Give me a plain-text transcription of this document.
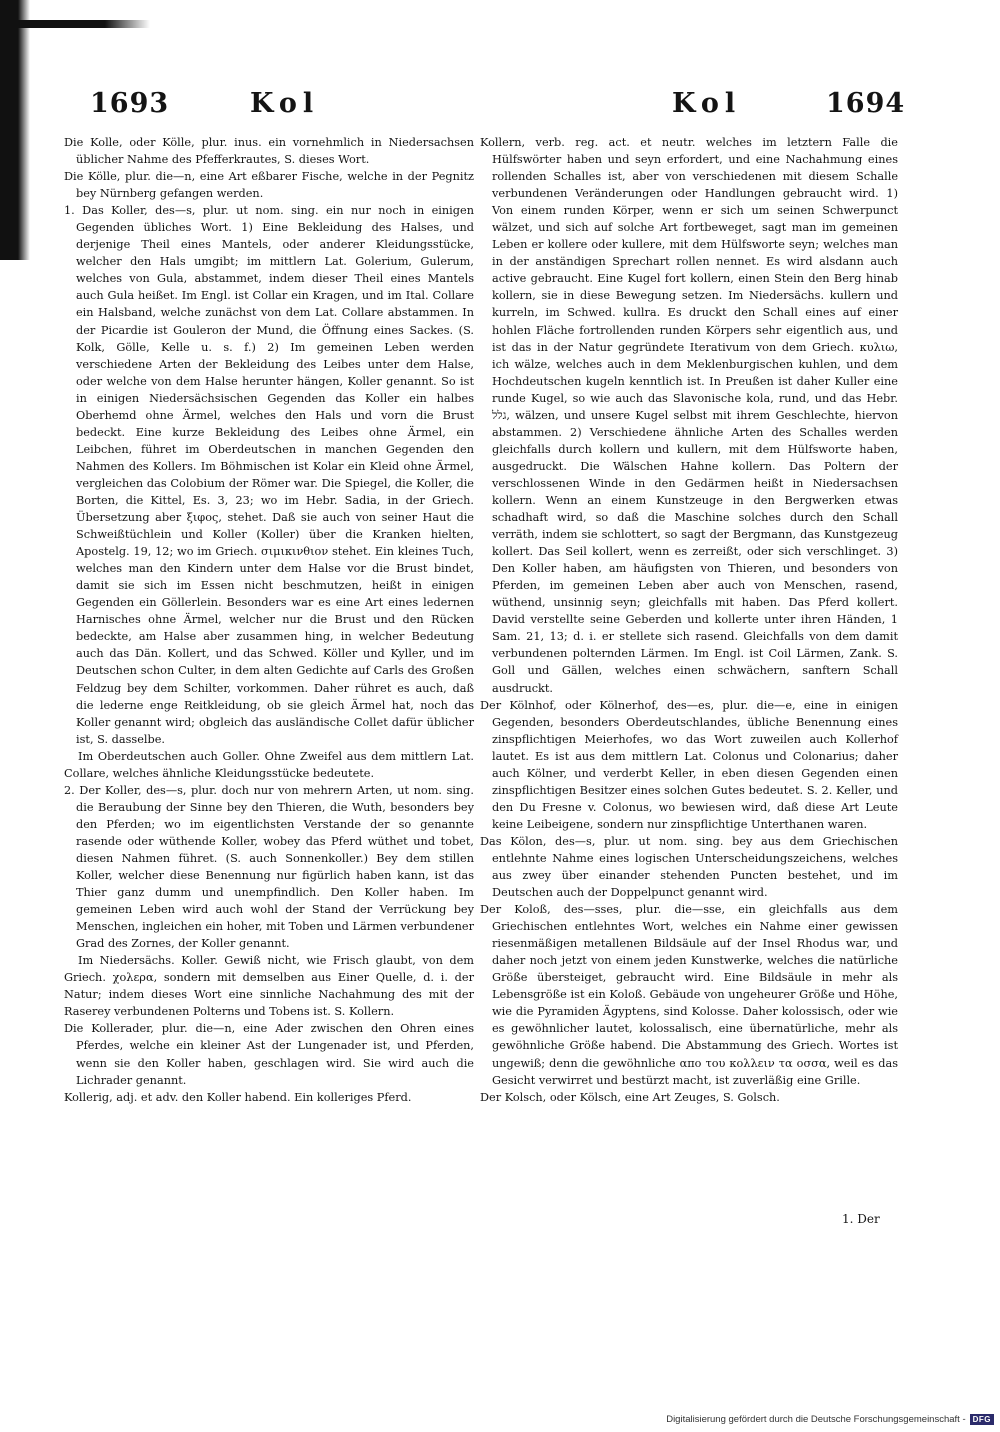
1693	Kol	Kol	1694

Die Kolle, oder Kölle, plur. inus. ein vornehmlich in Niedersachsen üblicher Nahme des Pfefferkrautes, S. dieses Wort.

Die Kölle, plur. die—n, eine Art eßbarer Fische, welche in der Pegnitz bey Nürnberg gefangen werden.

1. Das Koller, des—s, plur. ut nom. sing. ein nur noch in einigen Gegenden übliches Wort. 1) Eine Bekleidung des Halses, und derjenige Theil eines Mantels, oder anderer Kleidungsstücke, welcher den Hals umgibt; im mittlern Lat. Golerium, Gulerum, welches von Gula, abstammet, indem dieser Theil eines Mantels auch Gula heißet. Im Engl. ist Collar ein Kragen, und im Ital. Collare ein Halsband, welche zunächst von dem Lat. Collare abstammen. In der Picardie ist Gouleron der Mund, die Öffnung eines Sackes. (S. Kolk, Gölle, Kelle u. s. f.) 2) Im gemeinen Leben werden verschiedene Arten der Bekleidung des Leibes unter dem Halse, oder welche von dem Halse herunter hängen, Koller genannt. So ist in einigen Niedersächsischen Gegenden das Koller ein halbes Oberhemd ohne Ärmel, welches den Hals und vorn die Brust bedeckt. Eine kurze Bekleidung des Leibes ohne Ärmel, ein Leibchen, führet im Oberdeutschen in manchen Gegenden den Nahmen des Kollers. Im Böhmischen ist Kolar ein Kleid ohne Ärmel, vergleichen das Colobium der Römer war. Die Spiegel, die Koller, die Borten, die Kittel, Es. 3, 23; wo im Hebr. Sadia, in der Griech. Übersetzung aber ξιφος, stehet. Daß sie auch von seiner Haut die Schweißtüchlein und Koller (Koller) über die Kranken hielten, Apostelg. 19, 12; wo im Griech. σιμικινθιον stehet. Ein kleines Tuch, welches man den Kindern unter dem Halse vor die Brust bindet, damit sie sich im Essen nicht beschmutzen, heißt in einigen Gegenden ein Göllerlein. Besonders war es eine Art eines ledernen Harnisches ohne Ärmel, welcher nur die Brust und den Rücken bedeckte, am Halse aber zusammen hing, in welcher Bedeutung auch das Dän. Kollert, und das Schwed. Köller und Kyller, und im Deutschen schon Culter, in dem alten Gedichte auf Carls des Großen Feldzug bey dem Schilter, vorkommen. Daher rühret es auch, daß die lederne enge Reitkleidung, ob sie gleich Ärmel hat, noch das Koller genannt wird; obgleich das ausländische Collet dafür üblicher ist, S. dasselbe.

Im Oberdeutschen auch Goller. Ohne Zweifel aus dem mittlern Lat. Collare, welches ähnliche Kleidungsstücke bedeutete.

2. Der Koller, des—s, plur. doch nur von mehrern Arten, ut nom. sing. die Beraubung der Sinne bey den Thieren, die Wuth, besonders bey den Pferden; wo im eigentlichsten Verstande der so genannte rasende oder wüthende Koller, wobey das Pferd wüthet und tobet, diesen Nahmen führet. (S. auch Sonnenkoller.) Bey dem stillen Koller, welcher diese Benennung nur figürlich haben kann, ist das Thier ganz dumm und unempfindlich. Den Koller haben. Im gemeinen Leben wird auch wohl der Stand der Verrückung bey Menschen, ingleichen ein hoher, mit Toben und Lärmen verbundener Grad des Zornes, der Koller genannt.

Im Niedersächs. Koller. Gewiß nicht, wie Frisch glaubt, von dem Griech. χολερα, sondern mit demselben aus Einer Quelle, d. i. der Natur; indem dieses Wort eine sinnliche Nachahmung des mit der Raserey verbundenen Polterns und Tobens ist. S. Kollern.

Die Kollerader, plur. die—n, eine Ader zwischen den Ohren eines Pferdes, welche ein kleiner Ast der Lungenader ist, und Pferden, wenn sie den Koller haben, geschlagen wird. Sie wird auch die Lichrader genannt.

Kollerig, adj. et adv. den Koller habend. Ein kolleriges Pferd.

Kollern, verb. reg. act. et neutr. welches im letztern Falle die Hülfswörter haben und seyn erfordert, und eine Nachahmung eines rollenden Schalles ist, aber von verschiedenen mit diesem Schalle verbundenen Veränderungen oder Handlungen gebraucht wird. 1) Von einem runden Körper, wenn er sich um seinen Schwerpunct wälzet, und sich auf solche Art fortbeweget, sagt man im gemeinen Leben er kollere oder kullere, mit dem Hülfsworte seyn; welches man in der anständigen Sprechart rollen nennet. Es wird alsdann auch active gebraucht. Eine Kugel fort kollern, einen Stein den Berg hinab kollern, sie in diese Bewegung setzen. Im Niedersächs. kullern und kurreln, im Schwed. kullra. Es druckt den Schall eines auf einer hohlen Fläche fortrollenden runden Körpers sehr eigentlich aus, und ist das in der Natur gegründete Iterativum von dem Griech. κυλιω, ich wälze, welches auch in dem Meklenburgischen kuhlen, und dem Hochdeutschen kugeln kenntlich ist. In Preußen ist daher Kuller eine runde Kugel, so wie auch das Slavonische kola, rund, und das Hebr. גלל, wälzen, und unsere Kugel selbst mit ihrem Geschlechte, hiervon abstammen. 2) Verschiedene ähnliche Arten des Schalles werden gleichfalls durch kollern und kullern, mit dem Hülfsworte haben, ausgedruckt. Die Wälschen Hahne kollern. Das Poltern der verschlossenen Winde in den Gedärmen heißt in Niedersachsen kollern. Wenn an einem Kunstzeuge in den Bergwerken etwas schadhaft wird, so daß die Maschine solches durch den Schall verräth, indem sie schlottert, so sagt der Bergmann, das Kunstgezeug kollert. Das Seil kollert, wenn es zerreißt, oder sich verschlinget. 3) Den Koller haben, am häufigsten von Thieren, und besonders von Pferden, im gemeinen Leben aber auch von Menschen, rasend, wüthend, unsinnig seyn; gleichfalls mit haben. Das Pferd kollert. David verstellte seine Geberden und kollerte unter ihren Händen, 1 Sam. 21, 13; d. i. er stellete sich rasend. Gleichfalls von dem damit verbundenen polternden Lärmen. Im Engl. ist Coil Lärmen, Zank. S. Goll und Gällen, welches einen schwächern, sanftern Schall ausdruckt.

Der Kölnhof, oder Kölnerhof, des—es, plur. die—e, eine in einigen Gegenden, besonders Oberdeutschlandes, übliche Benennung eines zinspflichtigen Meierhofes, wo das Wort zuweilen auch Kollerhof lautet. Es ist aus dem mittlern Lat. Colonus und Colonarius; daher auch Kölner, und verderbt Keller, in eben diesen Gegenden einen zinspflichtigen Besitzer eines solchen Gutes bedeutet. S. 2. Keller, und den Du Fresne v. Colonus, wo bewiesen wird, daß diese Art Leute keine Leibeigene, sondern nur zinspflichtige Unterthanen waren.

Das Kölon, des—s, plur. ut nom. sing. bey aus dem Griechischen entlehnte Nahme eines logischen Unterscheidungszeichens, welches aus zwey über einander stehenden Puncten bestehet, und im Deutschen auch der Doppelpunct genannt wird.

Der Koloß, des—sses, plur. die—sse, ein gleichfalls aus dem Griechischen entlehntes Wort, welches ein Nahme einer gewissen riesenmäßigen metallenen Bildsäule auf der Insel Rhodus war, und daher noch jetzt von einem jeden Kunstwerke, welches die natürliche Größe übersteiget, gebraucht wird. Eine Bildsäule in mehr als Lebensgröße ist ein Koloß. Gebäude von ungeheurer Größe und Höhe, wie die Pyramiden Ägyptens, sind Kolosse. Daher kolossisch, oder wie es gewöhnlicher lautet, kolossalisch, eine übernatürliche, mehr als gewöhnliche Größe habend. Die Abstammung des Griech. Wortes ist ungewiß; denn die gewöhnliche απο του κολλειν τα οσσα, weil es das Gesicht verwirret und bestürzt macht, ist zuverläßig eine Grille.

Der Kolsch, oder Kölsch, eine Art Zeuges, S. Golsch.

1. Der
Digitalisierung gefördert durch die Deutsche Forschungsgemeinschaft - DFG
